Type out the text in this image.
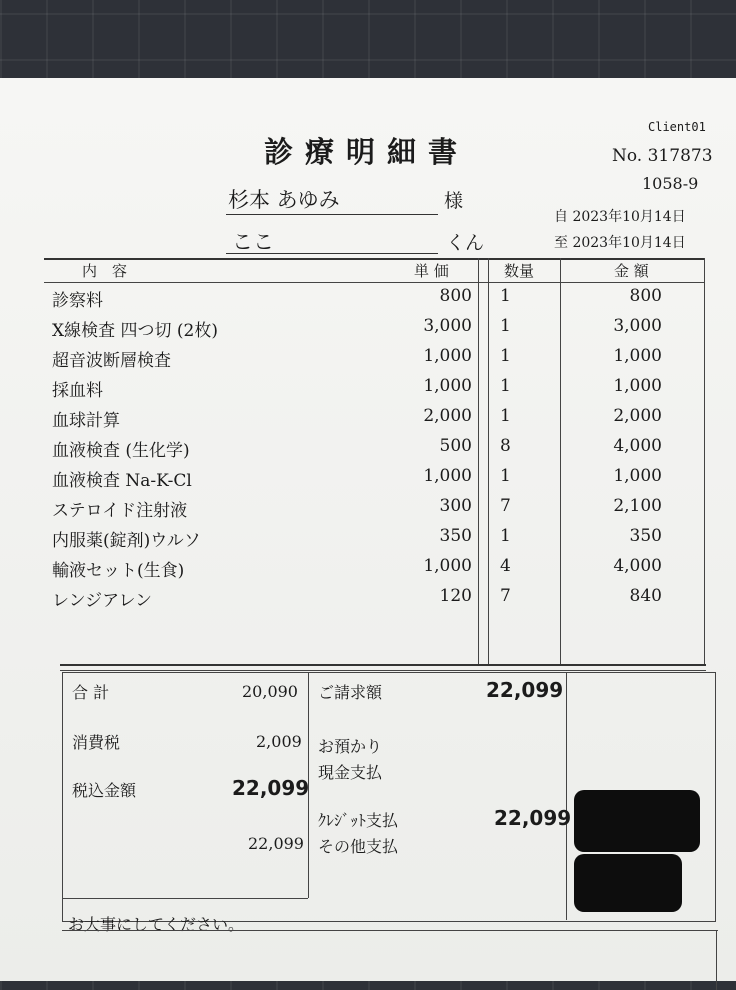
Client01
診療明細書	No. 317873
1058-9
杉本 あゆみ	様
ここ	くん
自 2023年10月14日
至 2023年10月14日
内　容	単 価	数量	金 額
診察料	800 1	800
X線検査 四つ切 (2枚)	3,000 1	3,000
超音波断層検査	1,000 1	1,000
採血料	1,000 1	1,000
血球計算	2,000 1	2,000
血液検査 (生化学)	500 8	4,000
血液検査 Na-K-Cl	1,000 1	1,000
ステロイド注射液	300 7	2,100
内服薬(錠剤)ウルソ	350 1	350
輸液セット(生食)	1,000 4	4,000
レンジアレン	120 7	840
合 計	20,090
消費税	2,009
税込金額	22,099
22,099
ご請求額	22,099
お預かり
現金支払
ｸﾚｼﾞｯﾄ支払	22,099
その他支払
お大事にしてください。
